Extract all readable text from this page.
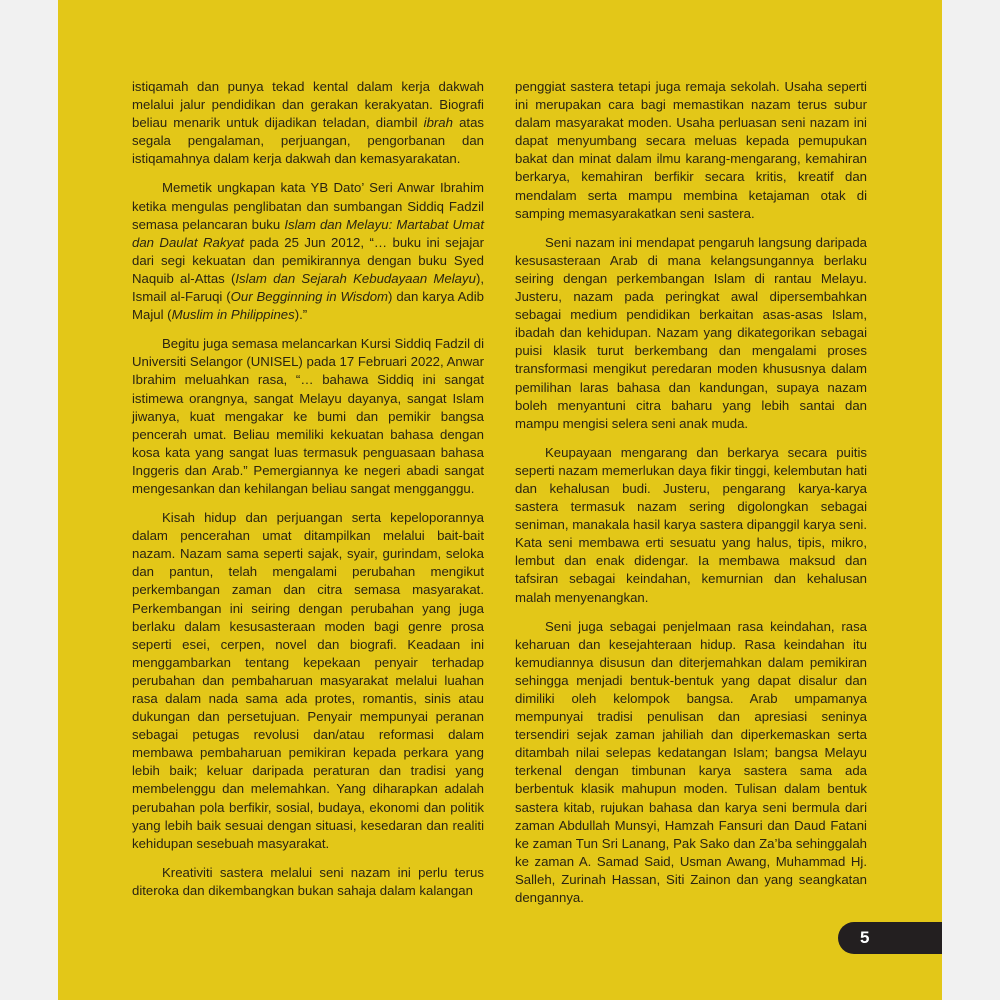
istiqamah dan punya tekad kental dalam kerja dakwah melalui jalur pendidikan dan gerakan kerakyatan. Biografi beliau menarik untuk dijadikan teladan, diambil ibrah atas segala pengalaman, perjuangan, pengorbanan dan istiqamahnya dalam kerja dakwah dan kemasyarakatan.

Memetik ungkapan kata YB Dato’ Seri Anwar Ibrahim ketika mengulas penglibatan dan sumbangan Siddiq Fadzil semasa pelancaran buku Islam dan Melayu: Martabat Umat dan Daulat Rakyat pada 25 Jun 2012, “… buku ini sejajar dari segi kekuatan dan pemikirannya dengan buku Syed Naquib al-Attas (Islam dan Sejarah Kebudayaan Melayu), Ismail al-Faruqi (Our Begginning in Wisdom) dan karya Adib Majul (Muslim in Philippines).”

Begitu juga semasa melancarkan Kursi Siddiq Fadzil di Universiti Selangor (UNISEL) pada 17 Februari 2022, Anwar Ibrahim meluahkan rasa, “… bahawa Siddiq ini sangat istimewa orangnya, sangat Melayu dayanya, sangat Islam jiwanya, kuat mengakar ke bumi dan pemikir bangsa pencerah umat. Beliau memiliki kekuatan bahasa dengan kosa kata yang sangat luas termasuk penguasaan bahasa Inggeris dan Arab.” Pemergiannya ke negeri abadi sangat mengesankan dan kehilangan beliau sangat mengganggu.

Kisah hidup dan perjuangan serta kepeloporannya dalam pencerahan umat ditampilkan melalui bait-bait nazam. Nazam sama seperti sajak, syair, gurindam, seloka dan pantun, telah mengalami perubahan mengikut perkembangan zaman dan citra semasa masyarakat. Perkembangan ini seiring dengan perubahan yang juga berlaku dalam kesusasteraan moden bagi genre prosa seperti esei, cerpen, novel dan biografi. Keadaan ini menggambarkan tentang kepekaan penyair terhadap perubahan dan pembaharuan masyarakat melalui luahan rasa dalam nada sama ada protes, romantis, sinis atau dukungan dan persetujuan. Penyair mempunyai peranan sebagai petugas revolusi dan/atau reformasi dalam membawa pembaharuan pemikiran kepada perkara yang lebih baik; keluar daripada peraturan dan tradisi yang membelenggu dan melemahkan. Yang diharapkan adalah perubahan pola berfikir, sosial, budaya, ekonomi dan politik yang lebih baik sesuai dengan situasi, kesedaran dan realiti kehidupan sesebuah masyarakat.

Kreativiti sastera melalui seni nazam ini perlu terus diteroka dan dikembangkan bukan sahaja dalam kalangan

penggiat sastera tetapi juga remaja sekolah. Usaha seperti ini merupakan cara bagi memastikan nazam terus subur dalam masyarakat moden. Usaha perluasan seni nazam ini dapat menyumbang secara meluas kepada pemupukan bakat dan minat dalam ilmu karang-mengarang, kemahiran berkarya, kemahiran berfikir secara kritis, kreatif dan mendalam serta mampu membina ketajaman otak di samping memasyarakatkan seni sastera.

Seni nazam ini mendapat pengaruh langsung daripada kesusasteraan Arab di mana kelangsungannya berlaku seiring dengan perkembangan Islam di rantau Melayu. Justeru, nazam pada peringkat awal dipersembahkan sebagai medium pendidikan berkaitan asas-asas Islam, ibadah dan kehidupan. Nazam yang dikategorikan sebagai puisi klasik turut berkembang dan mengalami proses transformasi mengikut peredaran moden khususnya dalam pemilihan laras bahasa dan kandungan, supaya nazam boleh menyantuni citra baharu yang lebih santai dan mampu mengisi selera seni anak muda.

Keupayaan mengarang dan berkarya secara puitis seperti nazam memerlukan daya fikir tinggi, kelembutan hati dan kehalusan budi. Justeru, pengarang karya-karya sastera termasuk nazam sering digolongkan sebagai seniman, manakala hasil karya sastera dipanggil karya seni. Kata seni membawa erti sesuatu yang halus, tipis, mikro, lembut dan enak didengar. Ia membawa maksud dan tafsiran sebagai keindahan, kemurnian dan kehalusan malah menyenangkan.

Seni juga sebagai penjelmaan rasa keindahan, rasa keharuan dan kesejahteraan hidup. Rasa keindahan itu kemudiannya disusun dan diterjemahkan dalam pemikiran sehingga menjadi bentuk-bentuk yang dapat disalur dan dimiliki oleh kelompok bangsa. Arab umpamanya mempunyai tradisi penulisan dan apresiasi seninya tersendiri sejak zaman jahiliah dan diperkemaskan serta ditambah nilai selepas kedatangan Islam; bangsa Melayu terkenal dengan timbunan karya sastera sama ada berbentuk klasik mahupun moden. Tulisan dalam bentuk sastera kitab, rujukan bahasa dan karya seni bermula dari zaman Abdullah Munsyi, Hamzah Fansuri dan Daud Fatani ke zaman Tun Sri Lanang, Pak Sako dan Za’ba sehinggalah ke zaman A. Samad Said, Usman Awang, Muhammad Hj. Salleh, Zurinah Hassan, Siti Zainon dan yang seangkatan dengannya.

5
